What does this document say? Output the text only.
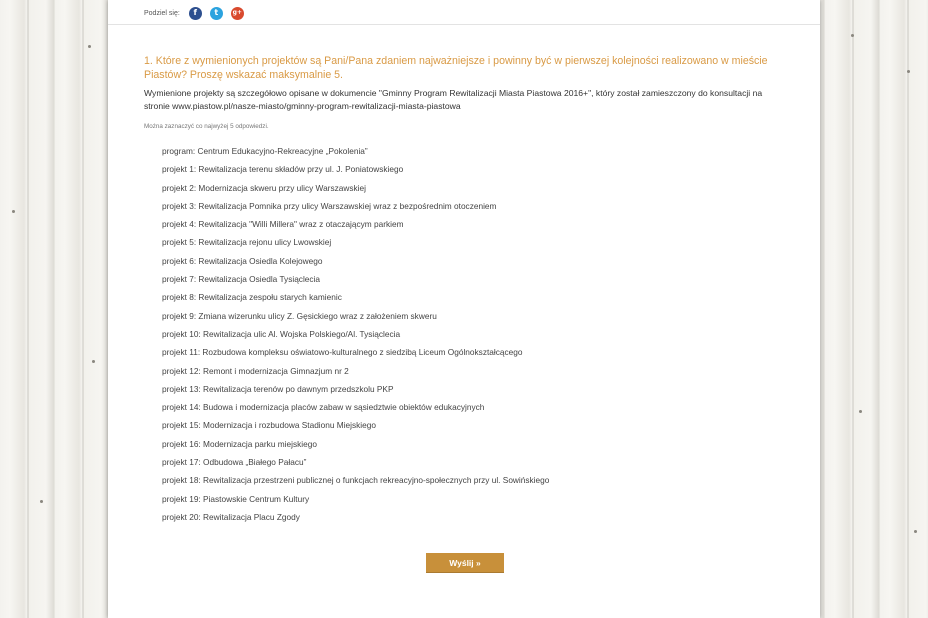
Podziel się:	f	t	g+
1. Które z wymienionych projektów są Pani/Pana zdaniem najważniejsze i powinny być w pierwszej kolejności realizowano w mieście Piastów? Proszę wskazać maksymalnie 5.
Wymienione projekty są szczegółowo opisane w dokumencie "Gminny Program Rewitalizacji Miasta Piastowa 2016+", który został zamieszczony do konsultacji na stronie www.piastow.pl/nasze-miasto/gminny-program-rewitalizacji-miasta-piastowa
Można zaznaczyć co najwyżej 5 odpowiedzi.
program: Centrum Edukacyjno-Rekreacyjne „Pokolenia”
projekt 1: Rewitalizacja terenu składów przy ul. J. Poniatowskiego
projekt 2: Modernizacja skweru przy ulicy Warszawskiej
projekt 3: Rewitalizacja Pomnika przy ulicy Warszawskiej wraz z bezpośrednim otoczeniem
projekt 4: Rewitalizacja "Willi Millera" wraz z otaczającym parkiem
projekt 5: Rewitalizacja rejonu ulicy Lwowskiej
projekt 6: Rewitalizacja Osiedla Kolejowego
projekt 7: Rewitalizacja Osiedla Tysiąclecia
projekt 8: Rewitalizacja zespołu starych kamienic
projekt 9: Zmiana wizerunku ulicy Z. Gęsickiego wraz z założeniem skweru
projekt 10: Rewitalizacja ulic Al. Wojska Polskiego/Al. Tysiąclecia
projekt 11: Rozbudowa kompleksu oświatowo-kulturalnego z siedzibą Liceum Ogólnokształcącego
projekt 12: Remont i modernizacja Gimnazjum nr 2
projekt 13: Rewitalizacja terenów po dawnym przedszkolu PKP
projekt 14: Budowa i modernizacja placów zabaw w sąsiedztwie obiektów edukacyjnych
projekt 15: Modernizacja i rozbudowa Stadionu Miejskiego
projekt 16: Modernizacja parku miejskiego
projekt 17: Odbudowa „Białego Pałacu”
projekt 18: Rewitalizacja przestrzeni publicznej o funkcjach rekreacyjno-społecznych przy ul. Sowińskiego
projekt 19: Piastowskie Centrum Kultury
projekt 20: Rewitalizacja Placu Zgody
Wyślij »
